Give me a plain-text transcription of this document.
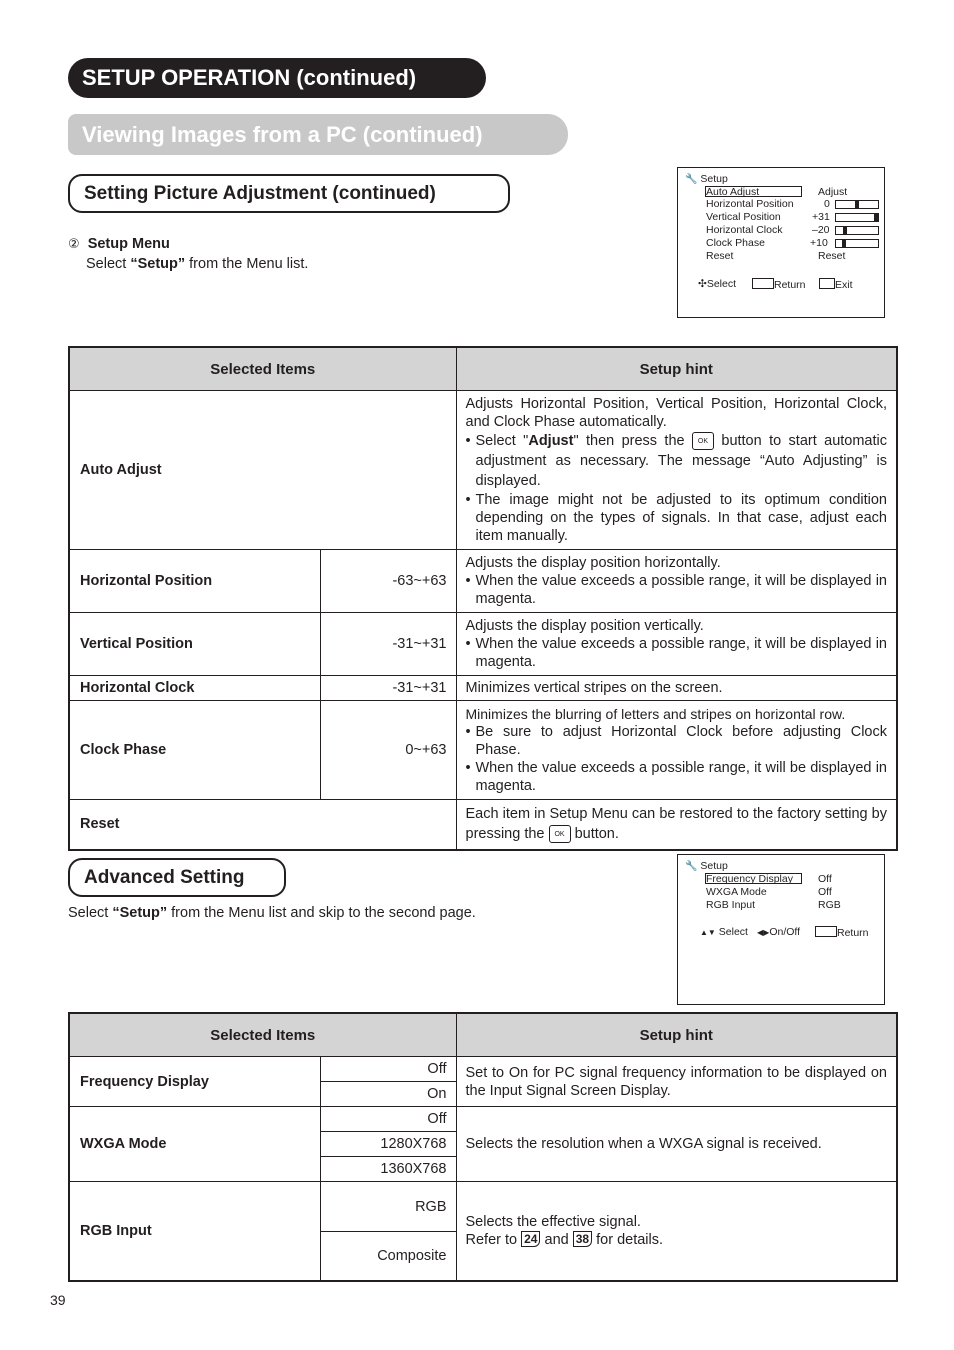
SETUP OPERATION (continued)
Viewing Images from a PC (continued)
Setting Picture Adjustment (continued)
② Setup Menu
Select “Setup” from the Menu list.
🔧 Setup
Auto Adjust	Adjust
Horizontal Position	0
Vertical Position	+31
Horizontal Clock	–20
Clock Phase	+10
Reset	Reset
✣Select	Return	Exit
Selected Items		Setup hint
Auto Adjust		Adjusts Horizontal Position, Vertical Position, Horizontal Clock, and Clock Phase automatically.
• Select "Adjust" then press the OK button to start automatic adjustment as necessary. The message “Auto Adjusting” is displayed.
• The image might not be adjusted to its optimum condition depending on the types of signals. In that case, adjust each item manually.

Horizontal Position	-63~+63	Adjusts the display position horizontally.
• When the value exceeds a possible range, it will be displayed in magenta.

Vertical Position	-31~+31	Adjusts the display position vertically.
• When the value exceeds a possible range, it will be displayed in magenta.

Horizontal Clock	-31~+31	Minimizes vertical stripes on the screen.
Clock Phase	0~+63	Minimizes the blurring of letters and stripes on horizontal row.
• Be sure to adjust Horizontal Clock before adjusting Clock Phase.
• When the value exceeds a possible range, it will be displayed in magenta.

Reset		Each item in Setup Menu can be restored to the factory setting by pressing the OK button.
Advanced Setting
Select “Setup” from the Menu list and skip to the second page.
🔧 Setup
Frequency Display Off
WXGA Mode	Off
RGB Input	RGB
▲▼ Select ◀▶On/Off	Return
Selected Items		Setup hint
Frequency Display	Off	Set to On for PC signal frequency information to be displayed on the Input Signal Screen Display.
	On	
WXGA Mode	Off	Selects the resolution when a WXGA signal is received.
	1280X768	
	1360X768	
RGB Input	RGB	Selects the effective signal.
Refer to 24 and 38 for details.

	Composite	
39
